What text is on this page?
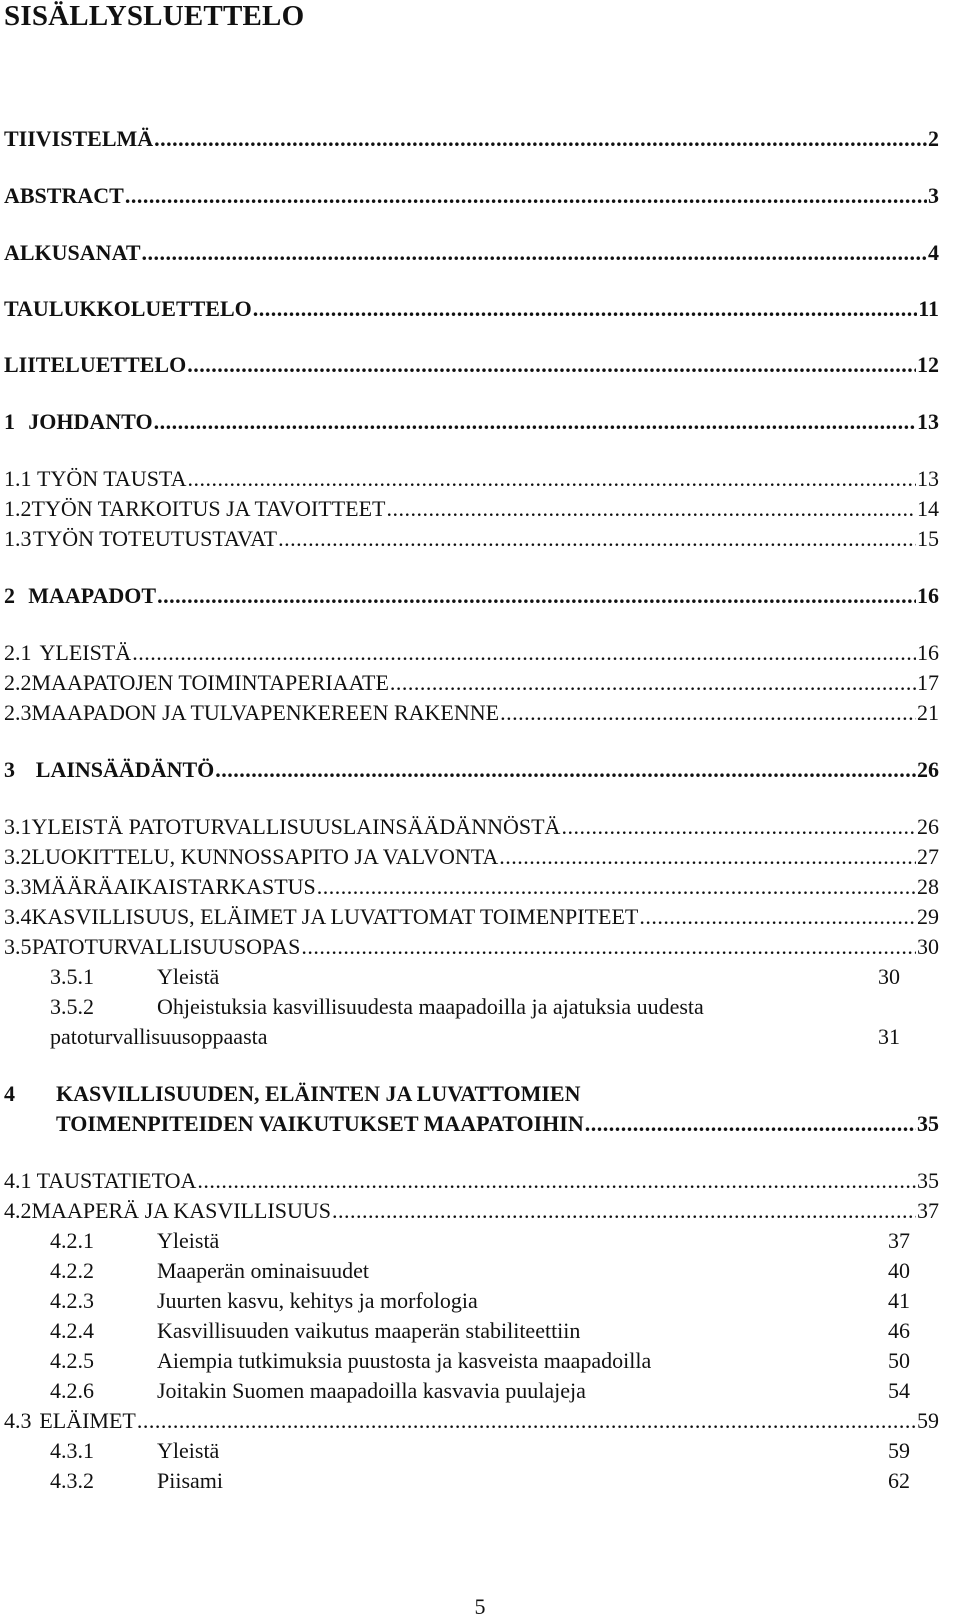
SISÄLLYSLUETTELO
TIIVISTELMÄ .....	2
ABSTRACT .....	3
ALKUSANAT .....	4
TAULUKKOLUETTELO .....	11
LIITELUETTELO .....	12
1 JOHDANTO .....	13
1.1 TYÖN TAUSTA .....	13
1.2 TYÖN TARKOITUS JA TAVOITTEET .....	14
1.3 TYÖN TOTEUTUSTAVAT .....	15
2 MAAPADOT .....	16
2.1 YLEISTÄ .....	16
2.2 MAAPATOJEN TOIMINTAPERIAATE .....	17
2.3 MAAPADON JA TULVAPENKEREEN RAKENNE .....	21
3 LAINSÄÄDÄNTÖ .....	26
3.1 YLEISTÄ PATOTURVALLISUUSLAINSÄÄDÄNNÖSTÄ .....	26
3.2 LUOKITTELU, KUNNOSSAPITO JA VALVONTA .....	27
3.3 MÄÄRÄAIKAISTARKASTUS .....	28
3.4 KASVILLISUUS, ELÄIMET JA LUVATTOMAT TOIMENPITEET .....	29
3.5 PATOTURVALLISUUSOPAS .....	30
3.5.1	Yleistä	30
3.5.2	Ohjeistuksia kasvillisuudesta maapadoilla ja ajatuksia uudesta
patoturvallisuusoppaasta	31
4	KASVILLISUUDEN, ELÄINTEN JA LUVATTOMIEN
TOIMENPITEIDEN VAIKUTUKSET MAAPATOIHIN .....	35
4.1 TAUSTATIETOA .....	35
4.2 MAAPERÄ JA KASVILLISUUS .....	37
4.2.1	Yleistä	37
4.2.2	Maaperän ominaisuudet	40
4.2.3	Juurten kasvu, kehitys ja morfologia	41
4.2.4	Kasvillisuuden vaikutus maaperän stabiliteettiin	46
4.2.5	Aiempia tutkimuksia puustosta ja kasveista maapadoilla	50
4.2.6	Joitakin Suomen maapadoilla kasvavia puulajeja	54
4.3 ELÄIMET .....	59
4.3.1	Yleistä	59
4.3.2	Piisami	62
5
